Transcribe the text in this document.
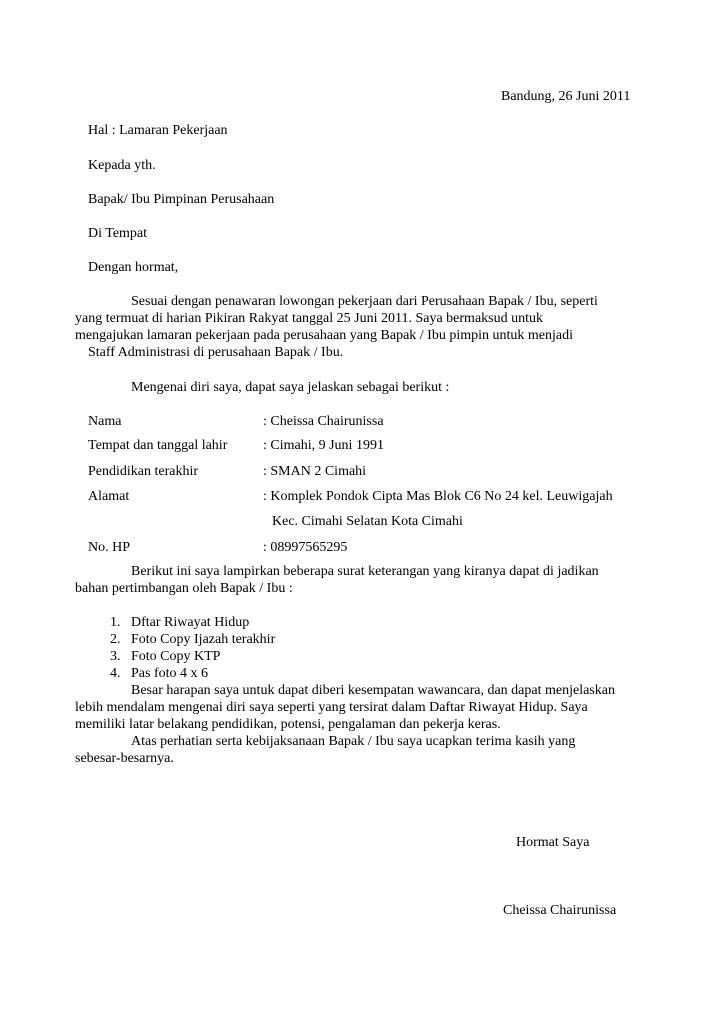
Bandung, 26 Juni 2011

Hal : Lamaran Pekerjaan

Kepada yth.

Bapak/ Ibu Pimpinan Perusahaan

Di Tempat

Dengan hormat,

Sesuai dengan penawaran lowongan pekerjaan dari Perusahaan Bapak / Ibu, seperti

yang termuat di harian Pikiran Rakyat tanggal 25 Juni 2011. Saya bermaksud untuk

mengajukan lamaran pekerjaan pada perusahaan yang Bapak / Ibu pimpin untuk menjadi

Staff Administrasi di perusahaan Bapak / Ibu.

Mengenai diri saya, dapat saya jelaskan sebagai berikut :

Nama	: Cheissa Chairunissa

Tempat dan tanggal lahir	: Cimahi, 9 Juni 1991

Pendidikan terakhir	: SMAN 2 Cimahi

Alamat	: Komplek Pondok Cipta Mas Blok C6 No 24 kel. Leuwigajah

Kec. Cimahi Selatan Kota Cimahi

No. HP	: 08997565295

Berikut ini saya lampirkan beberapa surat keterangan yang kiranya dapat di jadikan

bahan pertimbangan oleh Bapak / Ibu :

1. Dftar Riwayat Hidup
2. Foto Copy Ijazah terakhir
3. Foto Copy KTP
4. Pas foto 4 x 6

Besar harapan saya untuk dapat diberi kesempatan wawancara, dan dapat menjelaskan

lebih mendalam mengenai diri saya seperti yang tersirat dalam Daftar Riwayat Hidup. Saya

memiliki latar belakang pendidikan, potensi, pengalaman dan pekerja keras.

Atas perhatian serta kebijaksanaan Bapak / Ibu saya ucapkan terima kasih yang

sebesar-besarnya.

Hormat Saya

Cheissa Chairunissa
